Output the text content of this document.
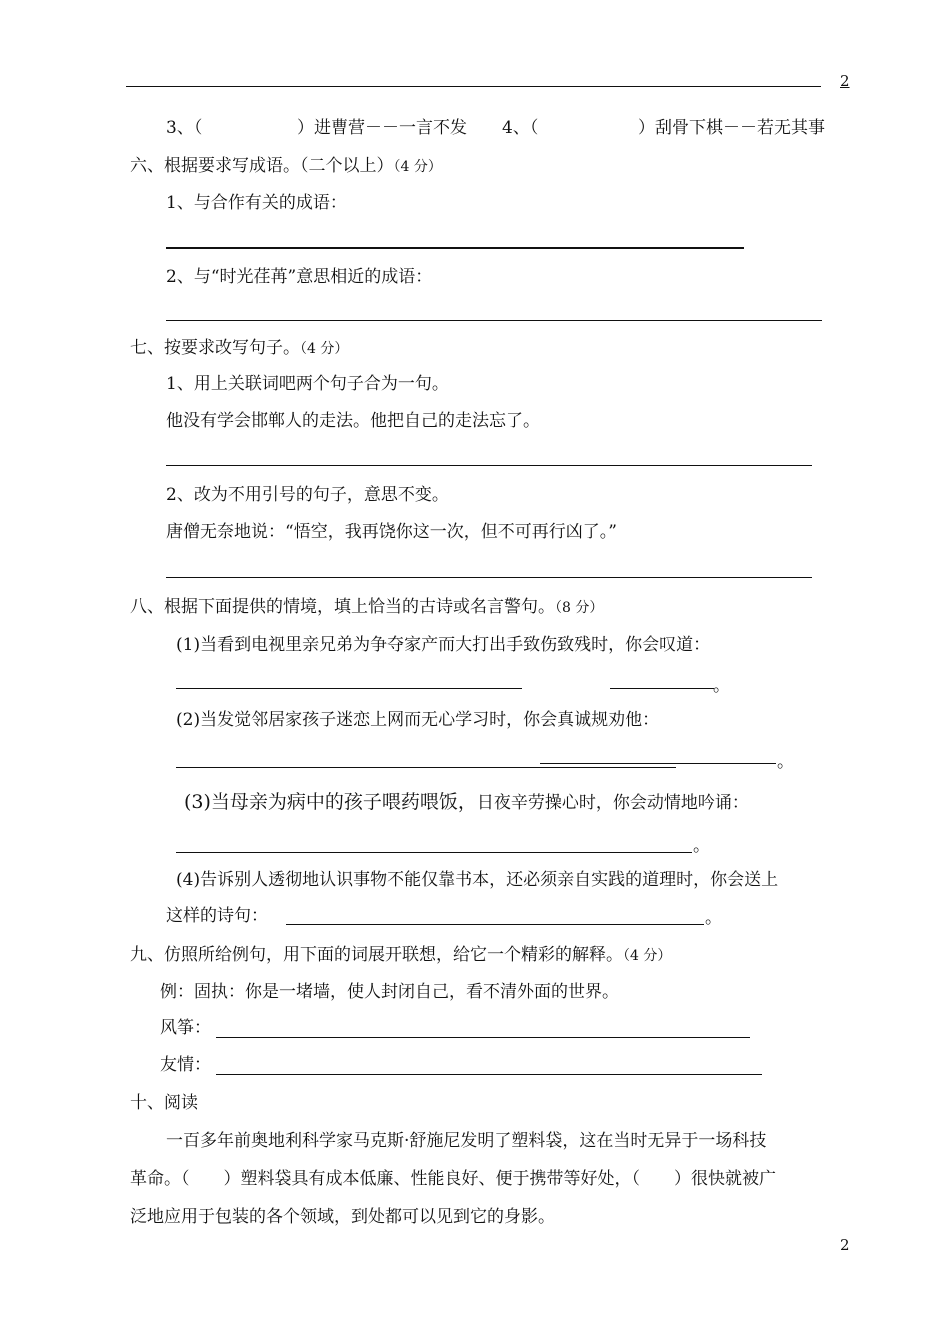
2
3、（	）进曹营－－一言不发 4、（	）刮骨下棋－－若无其事
六、根据要求写成语。（二个以上）（4 分）
1、与合作有关的成语：
2、与“时光荏苒”意思相近的成语：
七、按要求改写句子。（4 分）
1、用上关联词吧两个句子合为一句。
他没有学会邯郸人的走法。他把自己的走法忘了。
2、改为不用引号的句子，意思不变。
唐僧无奈地说：“悟空，我再饶你这一次，但不可再行凶了。”
八、根据下面提供的情境，填上恰当的古诗或名言警句。（8 分）
(1)当看到电视里亲兄弟为争夺家产而大打出手致伤致残时，你会叹道：
。
(2)当发觉邻居家孩子迷恋上网而无心学习时，你会真诚规劝他：
。
(3)当母亲为病中的孩子喂药喂饭，日夜辛劳操心时，你会动情地吟诵：
。
(4)告诉别人透彻地认识事物不能仅靠书本，还必须亲自实践的道理时，你会送上
这样的诗句：	。
九、仿照所给例句，用下面的词展开联想，给它一个精彩的解释。（4 分）
例：固执：你是一堵墙，使人封闭自己，看不清外面的世界。
风筝：
友情：
十、阅读
一百多年前奥地利科学家马克斯·舒施尼发明了塑料袋，这在当时无异于一场科技
革命。（　　）塑料袋具有成本低廉、性能良好、便于携带等好处，（　　）很快就被广
泛地应用于包装的各个领域，到处都可以见到它的身影。
2
